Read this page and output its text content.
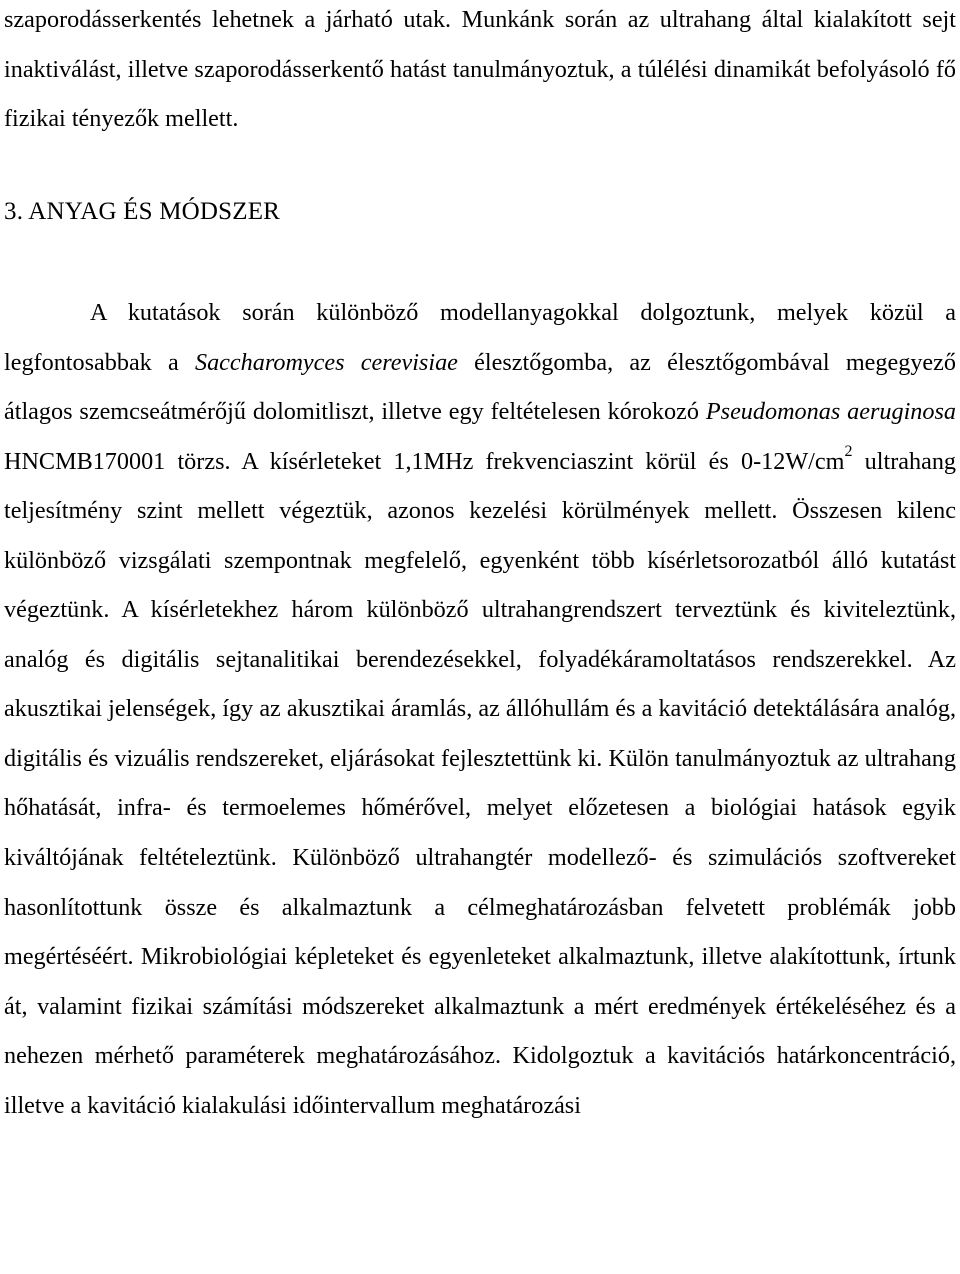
szaporodásserkentés lehetnek a járható utak. Munkánk során az ultrahang által kialakított sejt inaktiválást, illetve szaporodásserkentő hatást tanulmányoztuk, a túlélési dinamikát befolyásoló fő fizikai tényezők mellett.

3. ANYAG ÉS MÓDSZER

A kutatások során különböző modellanyagokkal dolgoztunk, melyek közül a legfontosabbak a Saccharomyces cerevisiae élesztőgomba, az élesztőgombával megegyező átlagos szemcseátmérőjű dolomitliszt, illetve egy feltételesen kórokozó Pseudomonas aeruginosa HNCMB170001 törzs. A kísérleteket 1,1MHz frekvenciaszint körül és $0-12W/cm^2$ ultrahang teljesítmény szint mellett végeztük, azonos kezelési körülmények mellett. Összesen kilenc különböző vizsgálati szempontnak megfelelő, egyenként több kísérletsorozatból álló kutatást végeztünk. A kísérletekhez három különböző ultrahangrendszert terveztünk és kiviteleztünk, analóg és digitális sejtanalitikai berendezésekkel, folyadékáramoltatásos rendszerekkel. Az akusztikai jelenségek, így az akusztikai áramlás, az állóhullám és a kavitáció detektálására analóg, digitális és vizuális rendszereket, eljárásokat fejlesztettünk ki. Külön tanulmányoztuk az ultrahang hőhatását, infra- és termoelemes hőmérővel, melyet előzetesen a biológiai hatások egyik kiváltójának feltételeztünk. Különböző ultrahangtér modellező- és szimulációs szoftvereket hasonlítottunk össze és alkalmaztunk a célmeghatározásban felvetett problémák jobb megértéséért. Mikrobiológiai képleteket és egyenleteket alkalmaztunk, illetve alakítottunk, írtunk át, valamint fizikai számítási módszereket alkalmaztunk a mért eredmények értékeléséhez és a nehezen mérhető paraméterek meghatározásához. Kidolgoztuk a kavitációs határkoncentráció, illetve a kavitáció kialakulási időintervallum meghatározási
